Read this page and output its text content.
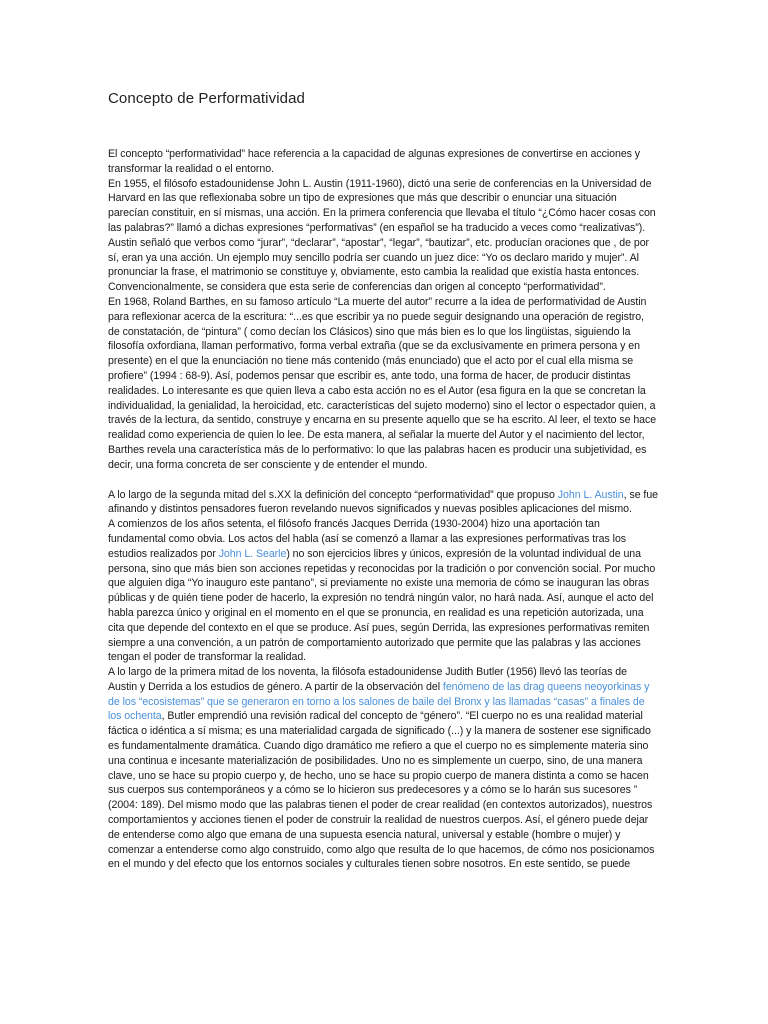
Concepto de Performatividad

El concepto “performatividad” hace referencia a la capacidad de algunas expresiones de convertirse en acciones y transformar la realidad o el entorno.

En 1955, el filósofo estadounidense John L. Austin (1911-1960), dictó una serie de conferencias en la Universidad de Harvard en las que reflexionaba sobre un tipo de expresiones que más que describir o enunciar una situación parecían constituir, en sí mismas, una acción. En la primera conferencia que llevaba el título “¿Cómo hacer cosas con las palabras?” llamó a dichas expresiones “performativas” (en español se ha traducido a veces como “realizativas”). Austin señaló que verbos como “jurar”, “declarar”, “apostar”, “legar”, “bautizar”, etc. producían oraciones que , de por sí, eran ya una acción. Un ejemplo muy sencillo podría ser cuando un juez dice: “Yo os declaro marido y mujer”. Al pronunciar la frase, el matrimonio se constituye y, obviamente, esto cambia la realidad que existía hasta entonces. Convencionalmente, se considera que esta serie de conferencias dan origen al concepto “performatividad”.

En 1968, Roland Barthes, en su famoso artículo “La muerte del autor” recurre a la idea de performatividad de Austin para reflexionar acerca de la escritura: “...es que escribir ya no puede seguir designando una operación de registro, de constatación, de “pintura” ( como decían los Clásicos) sino que más bien es lo que los lingüistas, siguiendo la filosofía oxfordiana, llaman performativo, forma verbal extraña (que se da exclusivamente en primera persona y en presente) en el que la enunciación no tiene más contenido (más enunciado) que el acto por el cual ella misma se profiere” (1994 : 68-9). Así, podemos pensar que escribir es, ante todo, una forma de hacer, de producir distintas realidades. Lo interesante es que quien lleva a cabo esta acción no es el Autor (esa figura en la que se concretan la individualidad, la genialidad, la heroicidad, etc. características del sujeto moderno) sino el lector o espectador quien, a través de la lectura, da sentido, construye y encarna en su presente aquello que se ha escrito. Al leer, el texto se hace realidad como experiencia de quien lo lee. De esta manera, al señalar la muerte del Autor y el nacimiento del lector, Barthes revela una característica más de lo performativo: lo que las palabras hacen es producir una subjetividad, es decir, una forma concreta de ser consciente y de entender el mundo.

A lo largo de la segunda mitad del s.XX la definición del concepto “performatividad” que propuso John L. Austin, se fue afinando y distintos pensadores fueron revelando nuevos significados y nuevas posibles aplicaciones del mismo.

A comienzos de los años setenta, el filósofo francés Jacques Derrida (1930-2004) hizo una aportación tan fundamental como obvia. Los actos del habla (así se comenzó a llamar a las expresiones performativas tras los estudios realizados por John L. Searle) no son ejercicios libres y únicos, expresión de la voluntad individual de una persona, sino que más bien son acciones repetidas y reconocidas por la tradición o por convención social. Por mucho que alguien diga “Yo inauguro este pantano”, si previamente no existe una memoria de cómo se inauguran las obras públicas y de quién tiene poder de hacerlo, la expresión no tendrá ningún valor, no hará nada. Así, aunque el acto del habla parezca único y original en el momento en el que se pronuncia, en realidad es una repetición autorizada, una cita que depende del contexto en el que se produce. Así pues, según Derrida, las expresiones performativas remiten siempre a una convención, a un patrón de comportamiento autorizado que permite que las palabras y las acciones tengan el poder de transformar la realidad.

A lo largo de la primera mitad de los noventa, la filósofa estadounidense Judith Butler (1956) llevó las teorías de Austin y Derrida a los estudios de género. A partir de la observación del fenómeno de las drag queens neoyorkinas y de los “ecosistemas” que se generaron en torno a los salones de baile del Bronx y las llamadas “casas” a finales de los ochenta, Butler emprendió una revisión radical del concepto de “género”. “El cuerpo no es una realidad material fáctica o idéntica a sí misma; es una materialidad cargada de significado (...) y la manera de sostener ese significado es fundamentalmente dramática. Cuando digo dramático me refiero a que el cuerpo no es simplemente materia sino una continua e incesante materialización de posibilidades. Uno no es simplemente un cuerpo, sino, de una manera clave, uno se hace su propio cuerpo y, de hecho, uno se hace su propio cuerpo de manera distinta a como se hacen sus cuerpos sus contemporáneos y a cómo se lo hicieron sus predecesores y a cómo se lo harán sus sucesores ” (2004: 189). Del mismo modo que las palabras tienen el poder de crear realidad (en contextos autorizados), nuestros comportamientos y acciones tienen el poder de construir la realidad de nuestros cuerpos. Así, el género puede dejar de entenderse como algo que emana de una supuesta esencia natural, universal y estable (hombre o mujer) y comenzar a entenderse como algo construido, como algo que resulta de lo que hacemos, de cómo nos posicionamos en el mundo y del efecto que los entornos sociales y culturales tienen sobre nosotros. En este sentido, se puede
